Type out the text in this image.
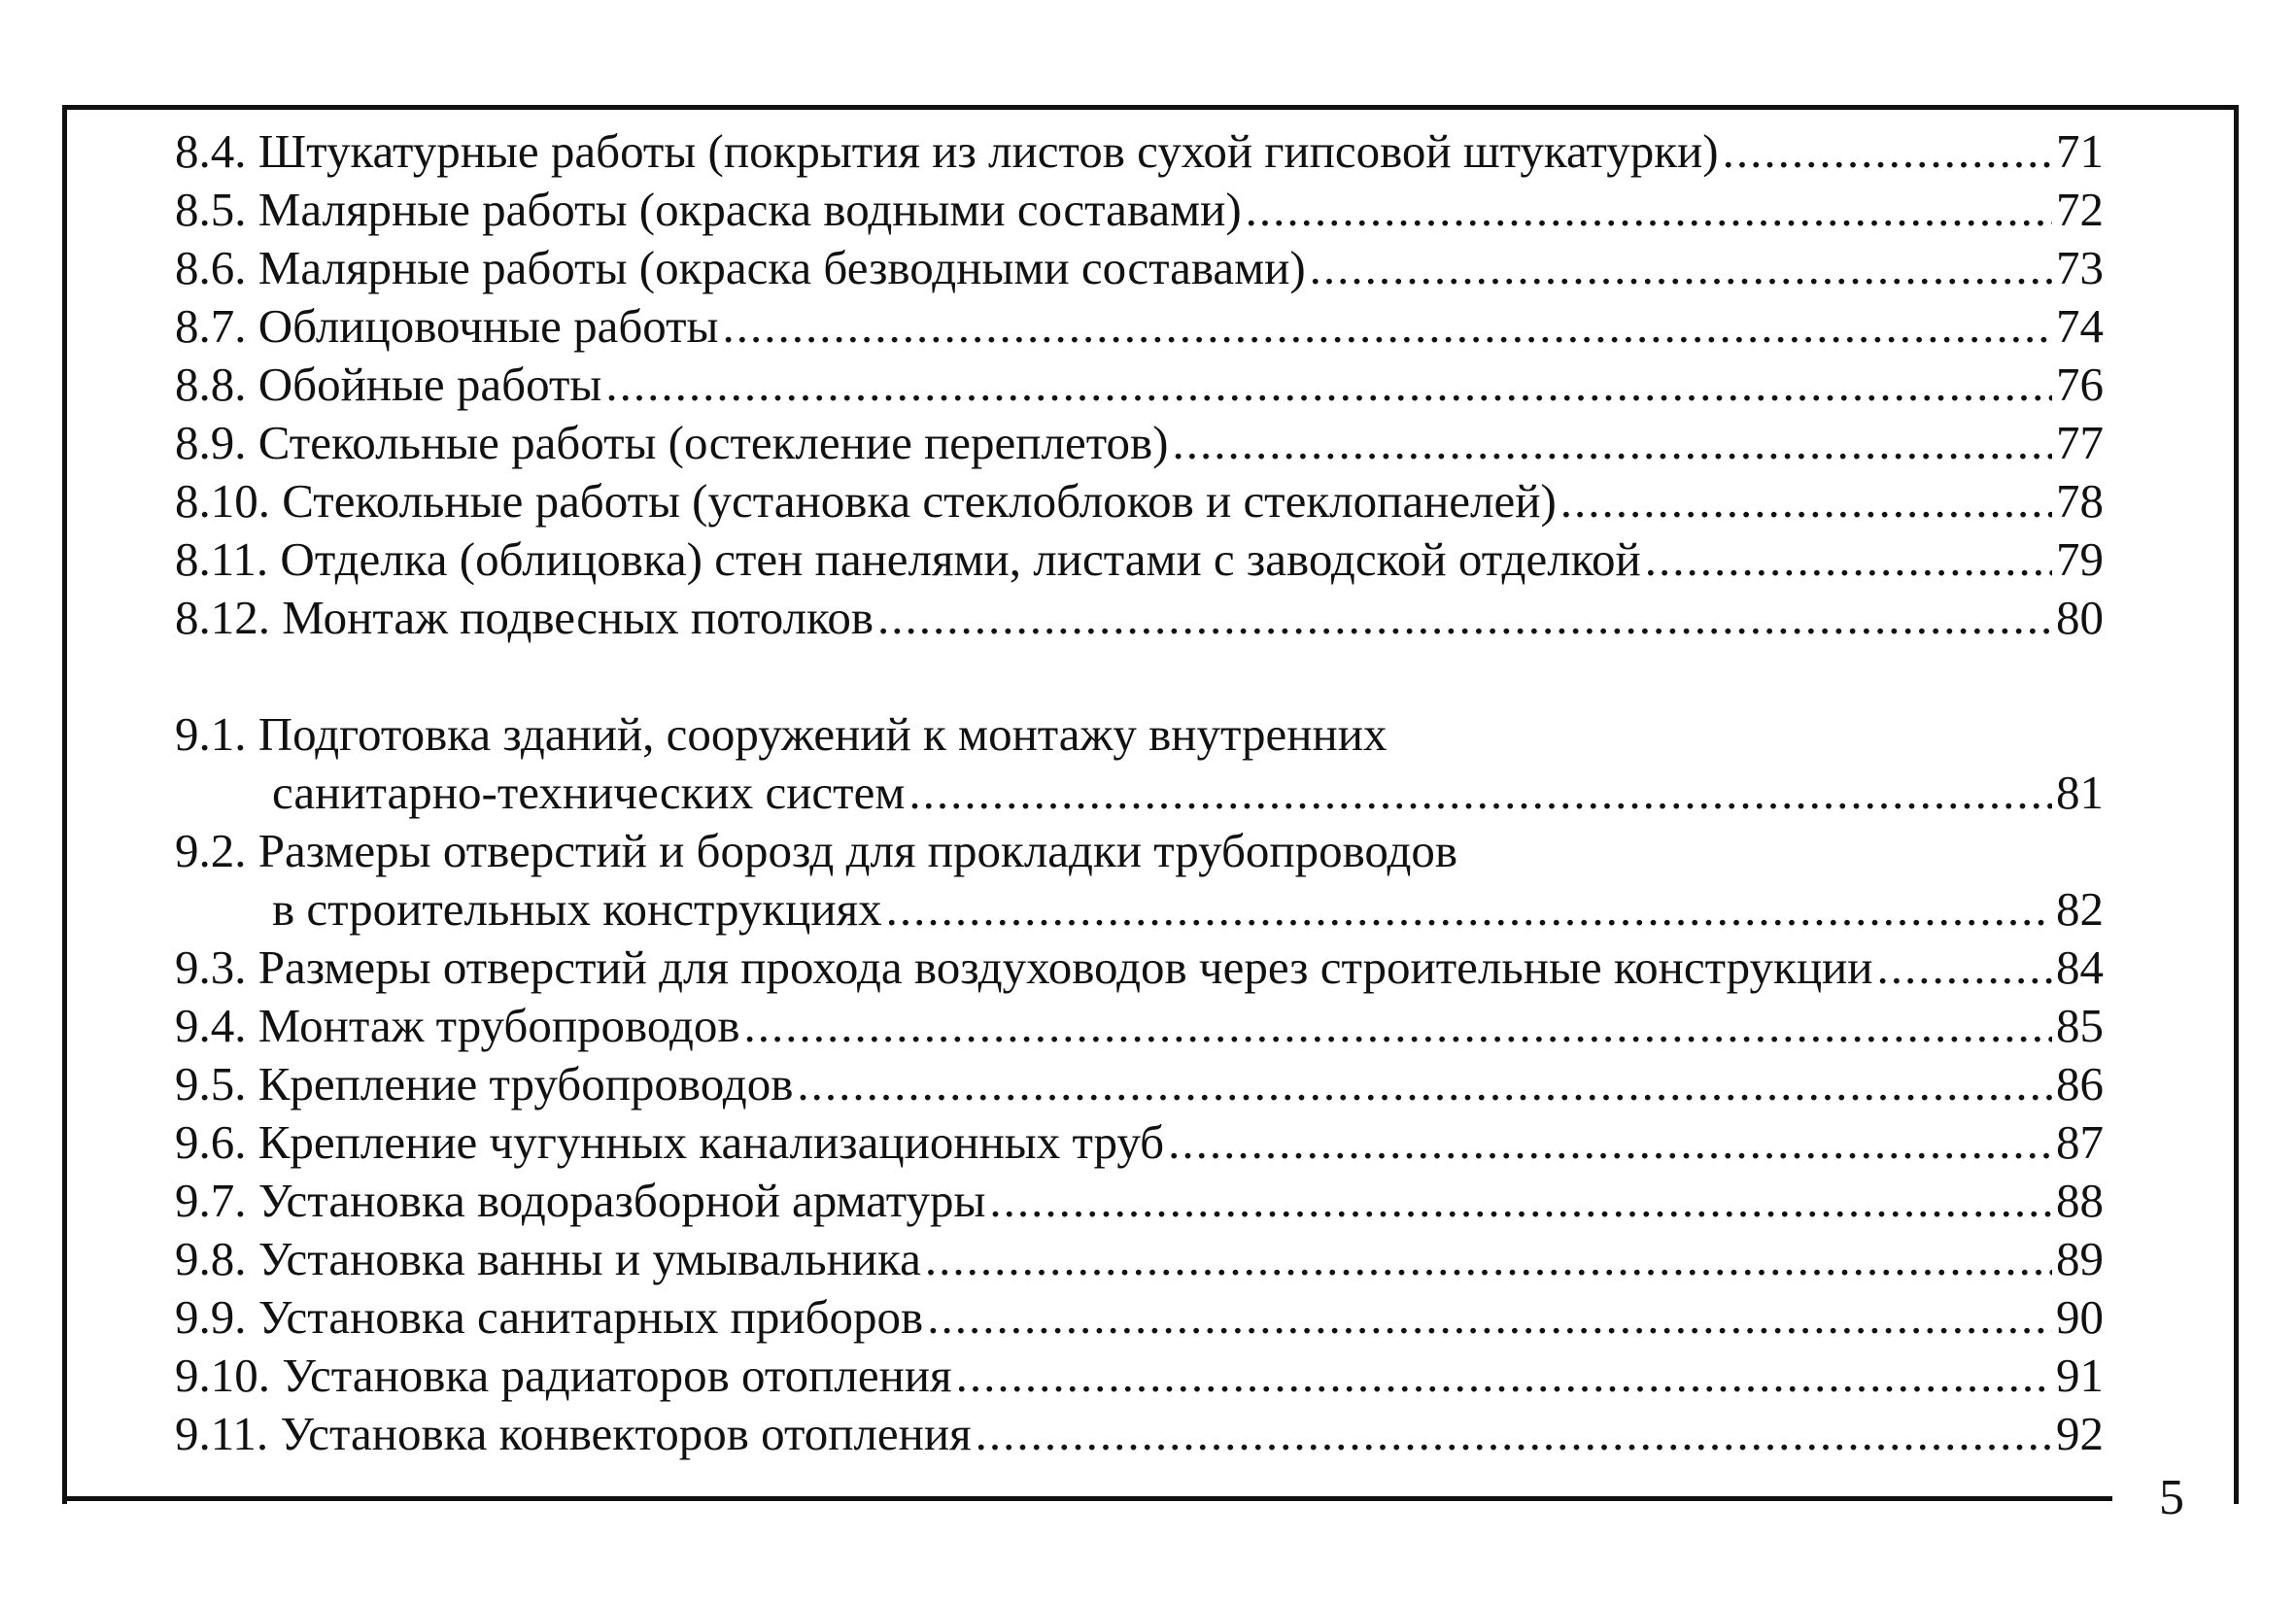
8.4. Штукатурные работы (покрытия из листов сухой гипсовой штукатурки) .....	71
8.5. Малярные работы (окраска водными составами) .....	72
8.6. Малярные работы (окраска безводными составами) .....	73
8.7. Облицовочные работы .....	74
8.8. Обойные работы .....	76
8.9. Стекольные работы (остекление переплетов) .....	77
8.10. Стекольные работы (установка стеклоблоков и стеклопанелей) .....	78
8.11. Отделка (облицовка) стен панелями, листами с заводской отделкой .....	79
8.12. Монтаж подвесных потолков .....	80
9.1. Подготовка зданий, сооружений к монтажу внутренних
санитарно-технических систем .....	81
9.2. Размеры отверстий и борозд для прокладки трубопроводов
в строительных конструкциях .....	82
9.3. Размеры отверстий для прохода воздуховодов через строительные конструкции .....	84
9.4. Монтаж трубопроводов .....	85
9.5. Крепление трубопроводов .....	86
9.6. Крепление чугунных канализационных труб .....	87
9.7. Установка водоразборной арматуры .....	88
9.8. Установка ванны и умывальника .....	89
9.9. Установка санитарных приборов .....	90
9.10. Установка радиаторов отопления .....	91
9.11. Установка конвекторов отопления .....	92
5
